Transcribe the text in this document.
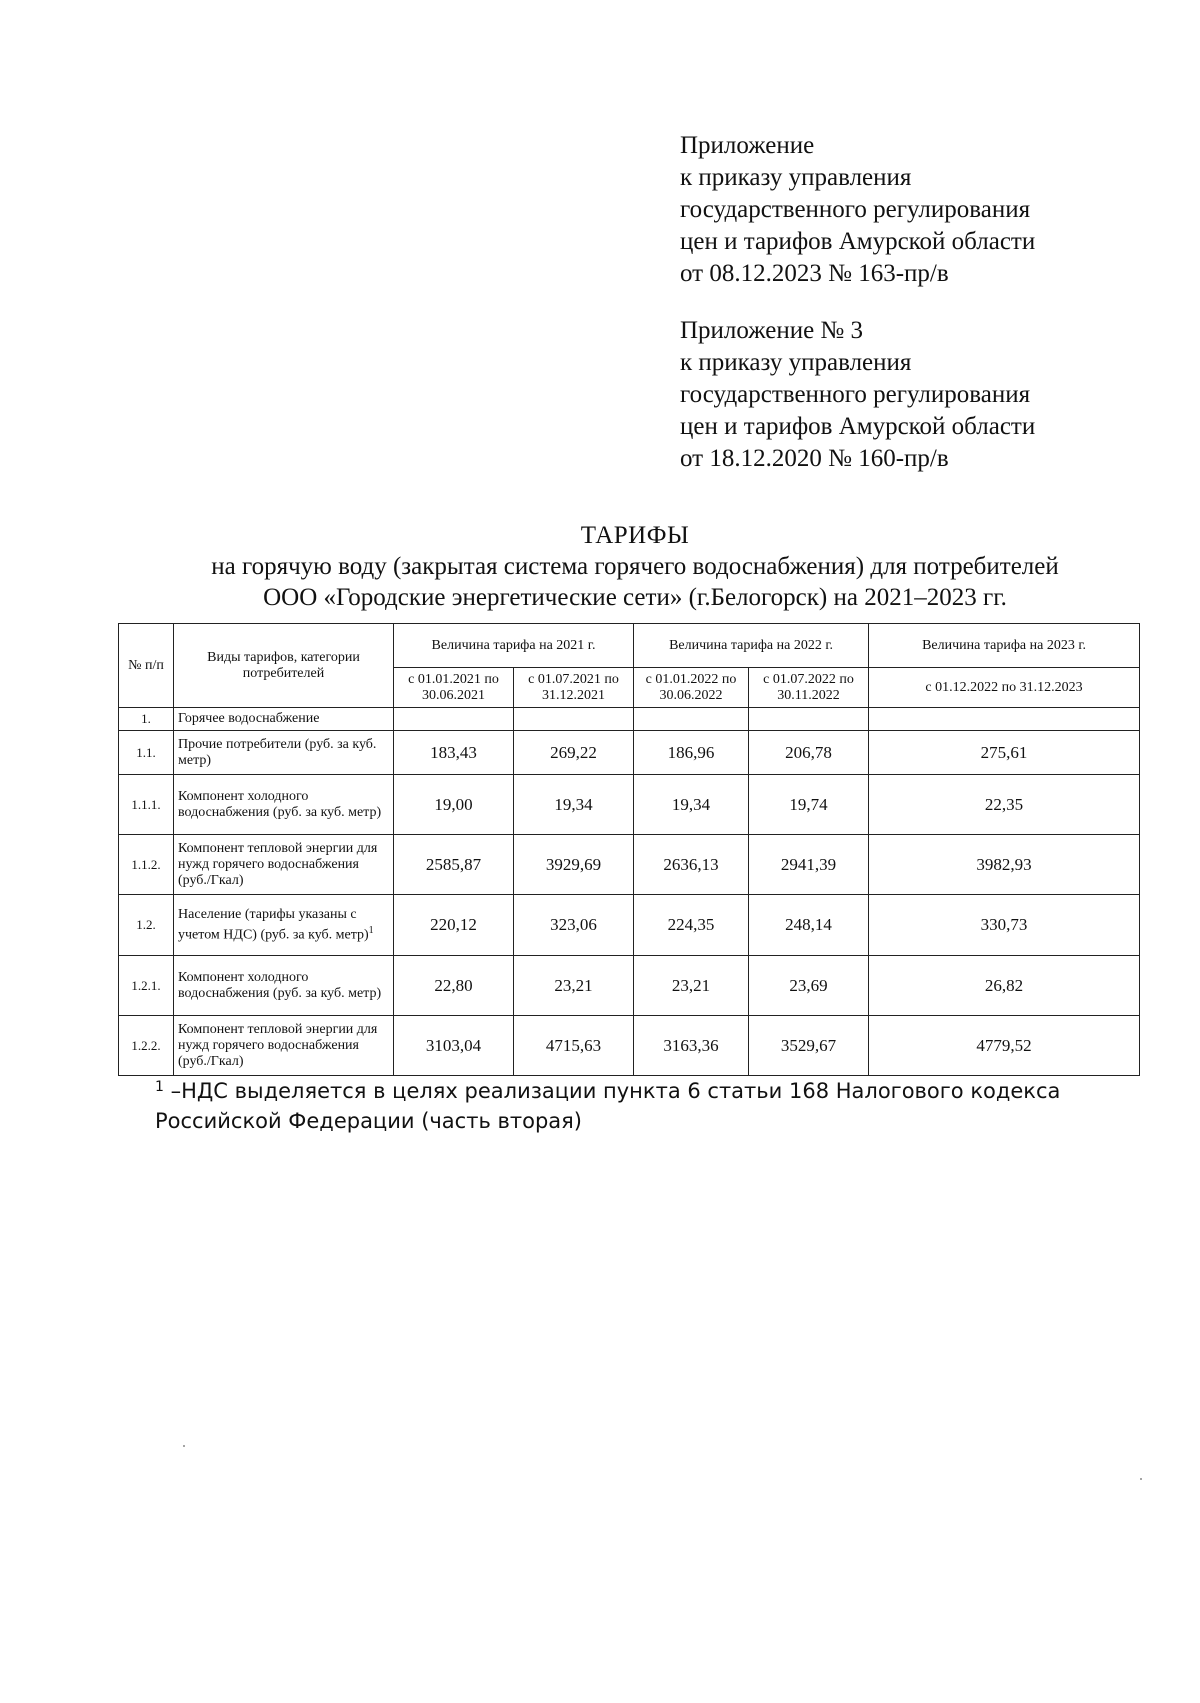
Приложение
к приказу управления
государственного регулирования
цен и тарифов Амурской области
от 08.12.2023 № 163-пр/в
Приложение № 3
к приказу управления
государственного регулирования
цен и тарифов Амурской области
от 18.12.2020 № 160-пр/в
ТАРИФЫ
на горячую воду (закрытая система горячего водоснабжения) для потребителей
ООО «Городские энергетические сети» (г.Белогорск) на 2021–2023 гг.
№ п/п	Виды тарифов, категории потребителей	Величина тарифа на 2021 г.		Величина тарифа на 2022 г.		Величина тарифа на 2023 г.
		с 01.01.2021 по 30.06.2021	с 01.07.2021 по 31.12.2021	с 01.01.2022 по 30.06.2022	с 01.07.2022 по 30.11.2022	с 01.12.2022 по 31.12.2023
1.	Горячее водоснабжение					
1.1.	Прочие потребители (руб. за куб. метр)	183,43	269,22	186,96	206,78	275,61
1.1.1.	Компонент холодного водоснабжения (руб. за куб. метр)	19,00	19,34	19,34	19,74	22,35
1.1.2.	Компонент тепловой энергии для нужд горячего водоснабжения (руб./Гкал)	2585,87	3929,69	2636,13	2941,39	3982,93
1.2.	Население (тарифы указаны с учетом НДС) (руб. за куб. метр)$^1$	220,12	323,06	224,35	248,14	330,73
1.2.1.	Компонент холодного водоснабжения (руб. за куб. метр)	22,80	23,21	23,21	23,69	26,82
1.2.2.	Компонент тепловой энергии для нужд горячего водоснабжения (руб./Гкал)	3103,04	4715,63	3163,36	3529,67	4779,52
$^1$ –НДС выделяется в целях реализации пункта 6 статьи 168 Налогового кодекса
Российской Федерации (часть вторая)
